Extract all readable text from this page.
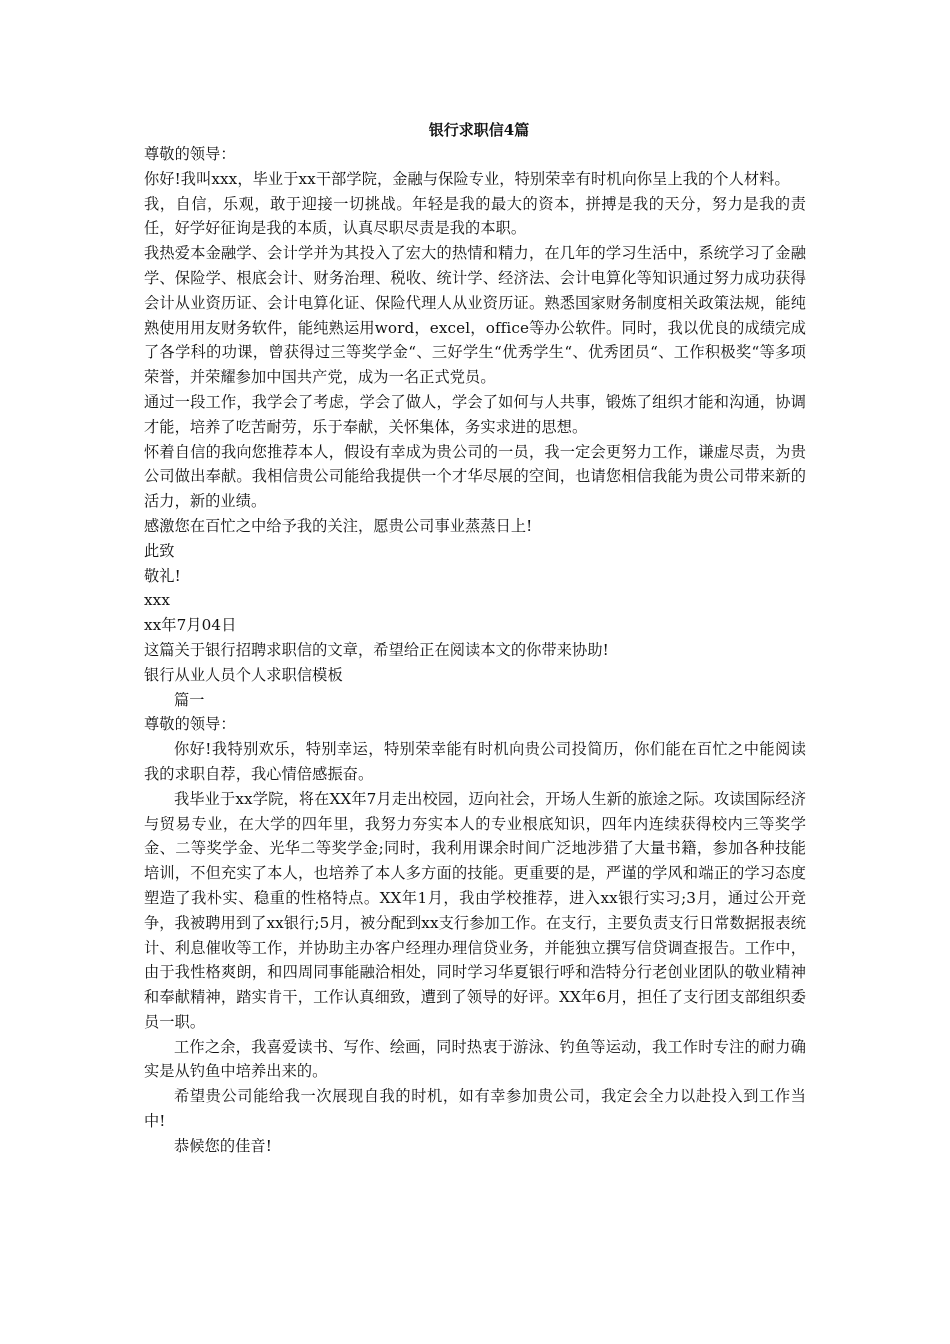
银行求职信4篇

尊敬的领导：

你好!我叫xxx，毕业于xx干部学院，金融与保险专业，特别荣幸有时机向你呈上我的个人材料。

我，自信，乐观，敢于迎接一切挑战。年轻是我的最大的资本，拼搏是我的天分，努力是我的责任，好学好征询是我的本质，认真尽职尽责是我的本职。

我热爱本金融学、会计学并为其投入了宏大的热情和精力，在几年的学习生活中，系统学习了金融学、保险学、根底会计、财务治理、税收、统计学、经济法、会计电算化等知识通过努力成功获得会计从业资历证、会计电算化证、保险代理人从业资历证。熟悉国家财务制度相关政策法规，能纯熟使用用友财务软件，能纯熟运用word，excel，office等办公软件。同时，我以优良的成绩完成了各学科的功课，曾获得过三等奖学金“、三好学生“优秀学生“、优秀团员“、工作积极奖“等多项荣誉，并荣耀参加中国共产党，成为一名正式党员。

通过一段工作，我学会了考虑，学会了做人，学会了如何与人共事，锻炼了组织才能和沟通，协调才能，培养了吃苦耐劳，乐于奉献，关怀集体，务实求进的思想。

怀着自信的我向您推荐本人，假设有幸成为贵公司的一员，我一定会更努力工作，谦虚尽责，为贵公司做出奉献。我相信贵公司能给我提供一个才华尽展的空间，也请您相信我能为贵公司带来新的活力，新的业绩。

感激您在百忙之中给予我的关注，愿贵公司事业蒸蒸日上!

此致

敬礼!

xxx

xx年7月04日

这篇关于银行招聘求职信的文章，希望给正在阅读本文的你带来协助!

银行从业人员个人求职信模板

篇一

尊敬的领导：

你好!我特别欢乐，特别幸运，特别荣幸能有时机向贵公司投简历，你们能在百忙之中能阅读我的求职自荐，我心情倍感振奋。

我毕业于xx学院，将在XX年7月走出校园，迈向社会，开场人生新的旅途之际。攻读国际经济与贸易专业，在大学的四年里，我努力夯实本人的专业根底知识，四年内连续获得校内三等奖学金、二等奖学金、光华二等奖学金;同时，我利用课余时间广泛地涉猎了大量书籍，参加各种技能培训，不但充实了本人，也培养了本人多方面的技能。更重要的是，严谨的学风和端正的学习态度塑造了我朴实、稳重的性格特点。XX年1月，我由学校推荐，进入xx银行实习;3月，通过公开竞争，我被聘用到了xx银行;5月，被分配到xx支行参加工作。在支行，主要负责支行日常数据报表统计、利息催收等工作，并协助主办客户经理办理信贷业务，并能独立撰写信贷调查报告。工作中，由于我性格爽朗，和四周同事能融洽相处，同时学习华夏银行呼和浩特分行老创业团队的敬业精神和奉献精神，踏实肯干，工作认真细致，遭到了领导的好评。XX年6月，担任了支行团支部组织委员一职。

工作之余，我喜爱读书、写作、绘画，同时热衷于游泳、钓鱼等运动，我工作时专注的耐力确实是从钓鱼中培养出来的。

希望贵公司能给我一次展现自我的时机，如有幸参加贵公司，我定会全力以赴投入到工作当中!

恭候您的佳音!
